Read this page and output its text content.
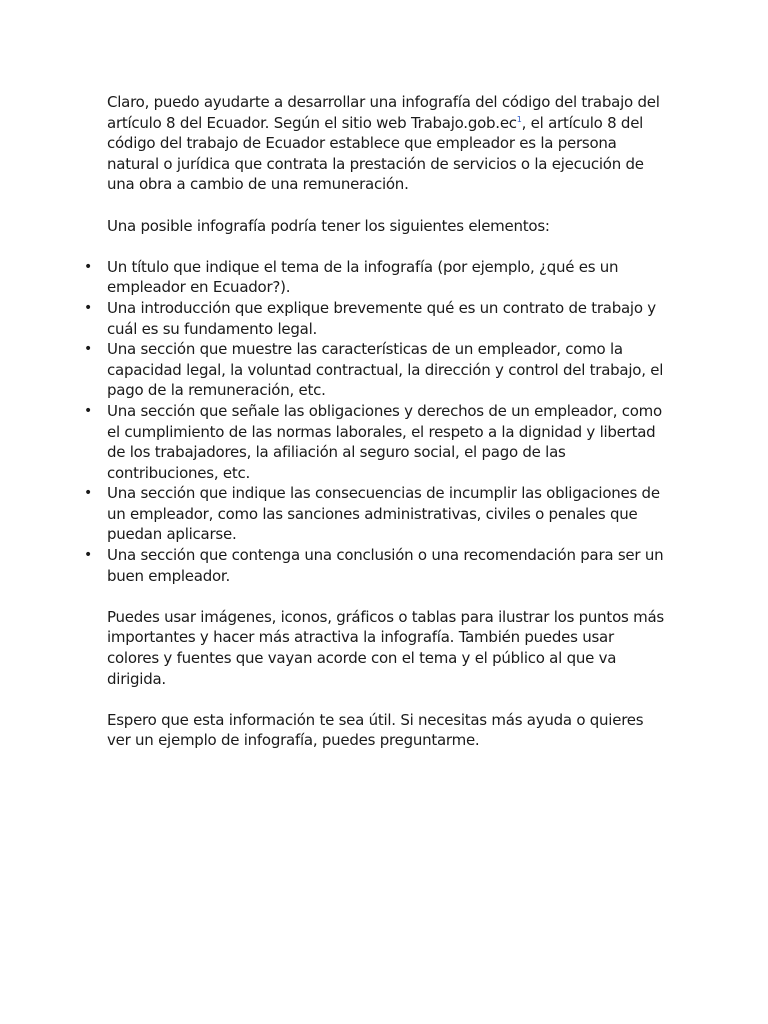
Claro, puedo ayudarte a desarrollar una infografía del código del trabajo del artículo 8 del Ecuador. Según el sitio web Trabajo.gob.ec$^1$, el artículo 8 del código del trabajo de Ecuador establece que empleador es la persona natural o jurídica que contrata la prestación de servicios o la ejecución de una obra a cambio de una remuneración.

Una posible infografía podría tener los siguientes elementos:

• Un título que indique el tema de la infografía (por ejemplo, ¿qué es un empleador en Ecuador?).
• Una introducción que explique brevemente qué es un contrato de trabajo y cuál es su fundamento legal.
• Una sección que muestre las características de un empleador, como la capacidad legal, la voluntad contractual, la dirección y control del trabajo, el pago de la remuneración, etc.
• Una sección que señale las obligaciones y derechos de un empleador, como el cumplimiento de las normas laborales, el respeto a la dignidad y libertad de los trabajadores, la afiliación al seguro social, el pago de las contribuciones, etc.
• Una sección que indique las consecuencias de incumplir las obligaciones de un empleador, como las sanciones administrativas, civiles o penales que puedan aplicarse.
• Una sección que contenga una conclusión o una recomendación para ser un buen empleador.

Puedes usar imágenes, iconos, gráficos o tablas para ilustrar los puntos más importantes y hacer más atractiva la infografía. También puedes usar colores y fuentes que vayan acorde con el tema y el público al que va dirigida.

Espero que esta información te sea útil. Si necesitas más ayuda o quieres ver un ejemplo de infografía, puedes preguntarme.
